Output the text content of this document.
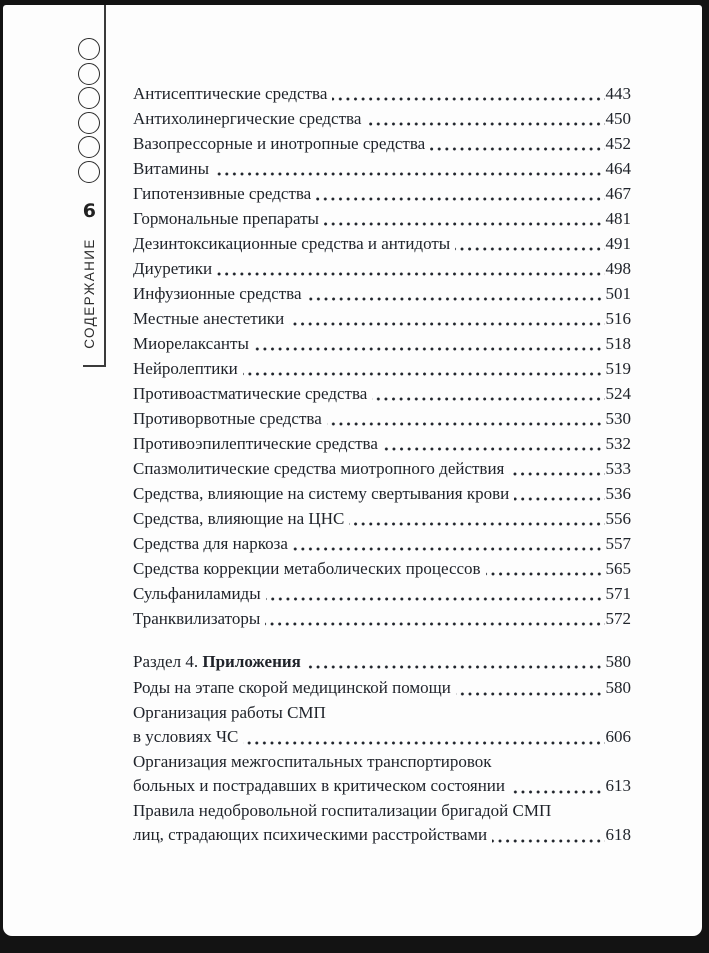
6
СОДЕРЖАНИЕ
Антисептические средства	443
Антихолинергические средства	450
Вазопрессорные и инотропные средства	452
Витамины	464
Гипотензивные средства	467
Гормональные препараты	481
Дезинтоксикационные средства и антидоты	491
Диуретики	498
Инфузионные средства	501
Местные анестетики	516
Миорелаксанты	518
Нейролептики	519
Противоастматические средства	524
Противорвотные средства	530
Противоэпилептические средства	532
Спазмолитические средства миотропного действия	533
Средства, влияющие на систему свертывания крови	536
Средства, влияющие на ЦНС	556
Средства для наркоза	557
Средства коррекции метаболических процессов	565
Сульфаниламиды	571
Транквилизаторы	572
Раздел 4. Приложения	580
Роды на этапе скорой медицинской помощи	580
Организация работы СМП
в условиях ЧС	606
Организация межгоспитальных транспортировок
больных и пострадавших в критическом состоянии	613
Правила недобровольной госпитализации бригадой СМП
лиц, страдающих психическими расстройствами	618
